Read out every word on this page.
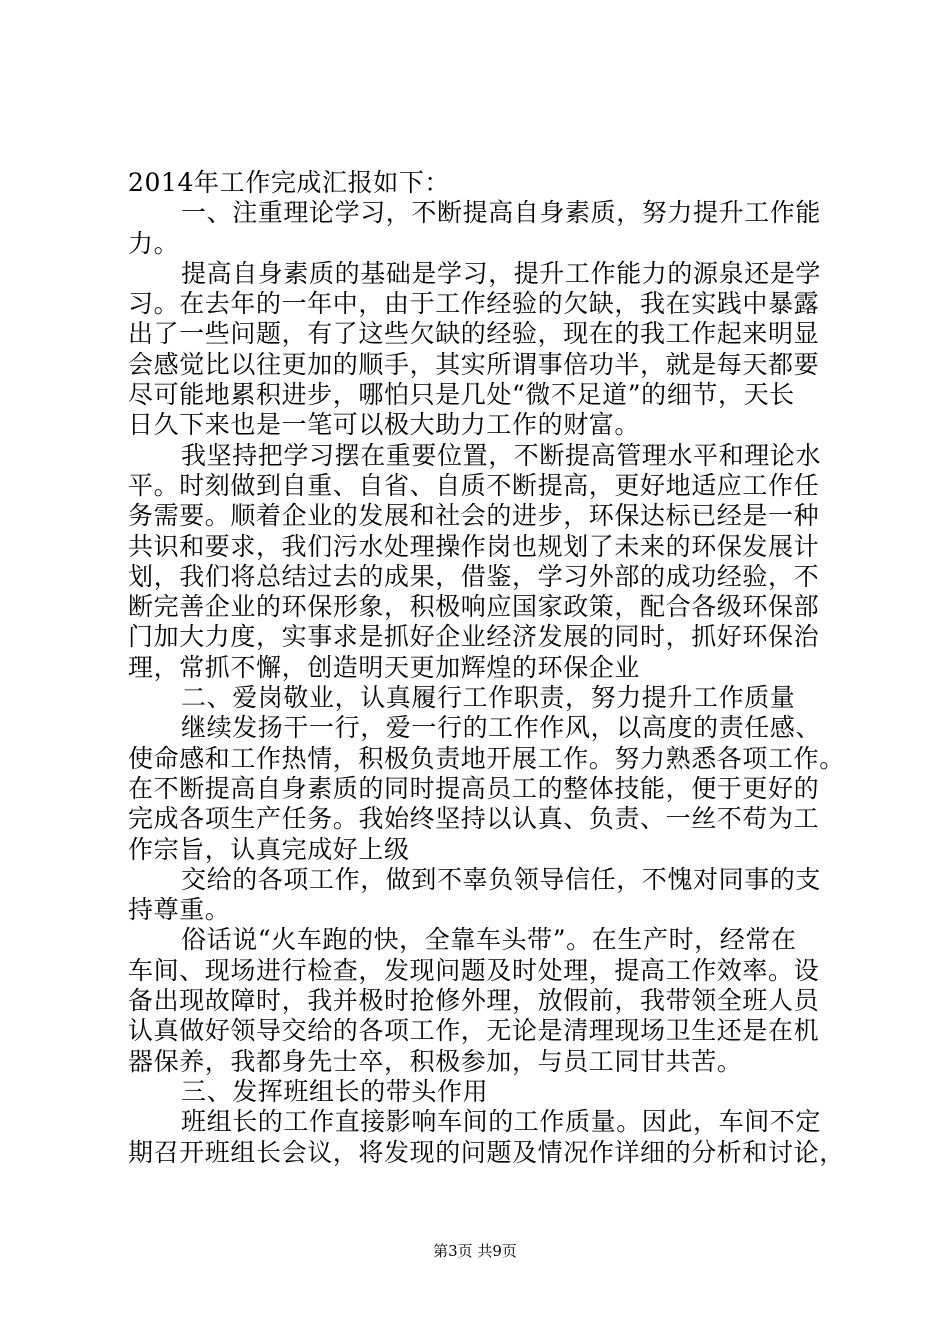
2014年工作完成汇报如下：
一、注重理论学习，不断提高自身素质，努力提升工作能
力。
提高自身素质的基础是学习，提升工作能力的源泉还是学
习。在去年的一年中，由于工作经验的欠缺，我在实践中暴露
出了一些问题，有了这些欠缺的经验，现在的我工作起来明显
会感觉比以往更加的顺手，其实所谓事倍功半，就是每天都要
尽可能地累积进步，哪怕只是几处“微不足道”的细节，天长
日久下来也是一笔可以极大助力工作的财富。
我坚持把学习摆在重要位置，不断提高管理水平和理论水
平。时刻做到自重、自省、自质不断提高，更好地适应工作任
务需要。顺着企业的发展和社会的进步，环保达标已经是一种
共识和要求，我们污水处理操作岗也规划了未来的环保发展计
划，我们将总结过去的成果，借鉴，学习外部的成功经验，不
断完善企业的环保形象，积极响应国家政策，配合各级环保部
门加大力度，实事求是抓好企业经济发展的同时，抓好环保治
理，常抓不懈，创造明天更加辉煌的环保企业
二、爱岗敬业，认真履行工作职责，努力提升工作质量
继续发扬干一行，爱一行的工作作风，以高度的责任感、
使命感和工作热情，积极负责地开展工作。努力熟悉各项工作。
在不断提高自身素质的同时提高员工的整体技能，便于更好的
完成各项生产任务。我始终坚持以认真、负责、一丝不苟为工
作宗旨，认真完成好上级
交给的各项工作，做到不辜负领导信任，不愧对同事的支
持尊重。
俗话说“火车跑的快，全靠车头带”。在生产时，经常在
车间、现场进行检查，发现问题及时处理，提高工作效率。设
备出现故障时，我并极时抢修外理，放假前，我带领全班人员
认真做好领导交给的各项工作，无论是清理现场卫生还是在机
器保养，我都身先士卒，积极参加，与员工同甘共苦。
三、发挥班组长的带头作用
班组长的工作直接影响车间的工作质量。因此，车间不定
期召开班组长会议，将发现的问题及情况作详细的分析和讨论，
第3页 共9页
